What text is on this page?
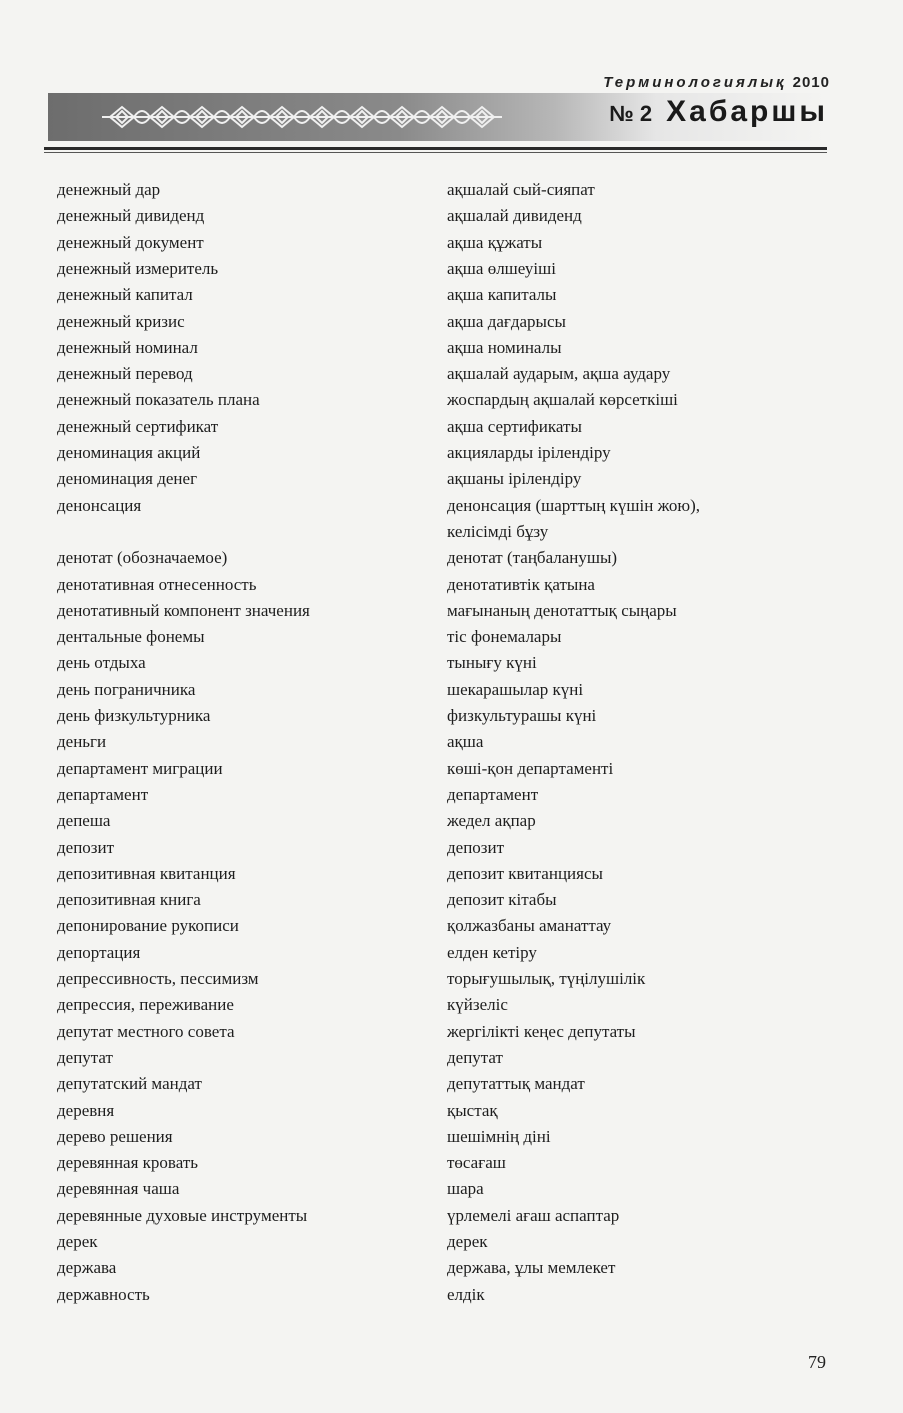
Терминологиялық 2010
№ 2 Хабаршы
денежный дар	ақшалай сый-сияпат
денежный дивиденд	ақшалай дивиденд
денежный документ	ақша құжаты
денежный измеритель	ақша өлшеуіші
денежный капитал	ақша капиталы
денежный кризис	ақша дағдарысы
денежный номинал	ақша номиналы
денежный перевод	ақшалай аударым, ақша аудару
денежный показатель плана	жоспардың ақшалай көрсеткіші
денежный сертификат	ақша сертификаты
деноминация акций	акцияларды ірілендіру
деноминация денег	ақшаны ірілендіру
денонсация	денонсация (шарттың күшін жою),
келісімді бұзу
денотат (обозначаемое)	денотат (таңбаланушы)
денотативная отнесенность	денотативтік қатына
денотативный компонент значения	мағынаның денотаттық сыңары
дентальные фонемы	тіс фонемалары
день отдыха	тынығу күні
день пограничника	шекарашылар күні
день физкультурника	физкультурашы күні
деньги	ақша
департамент миграции	көші-қон департаменті
департамент	департамент
депеша	жедел ақпар
депозит	депозит
депозитивная квитанция	депозит квитанциясы
депозитивная книга	депозит кітабы
депонирование рукописи	қолжазбаны аманаттау
депортация	елден кетіру
депрессивность, пессимизм	торығушылық, түңілушілік
депрессия, переживание	күйзеліс
депутат местного совета	жергілікті кеңес депутаты
депутат	депутат
депутатский мандат	депутаттық мандат
деревня	қыстақ
дерево решения	шешімнің діні
деревянная кровать	төсағаш
деревянная чаша	шара
деревянные духовые инструменты	үрлемелі ағаш аспаптар
дерек	дерек
держава	держава, ұлы мемлекет
державность	елдік
79
